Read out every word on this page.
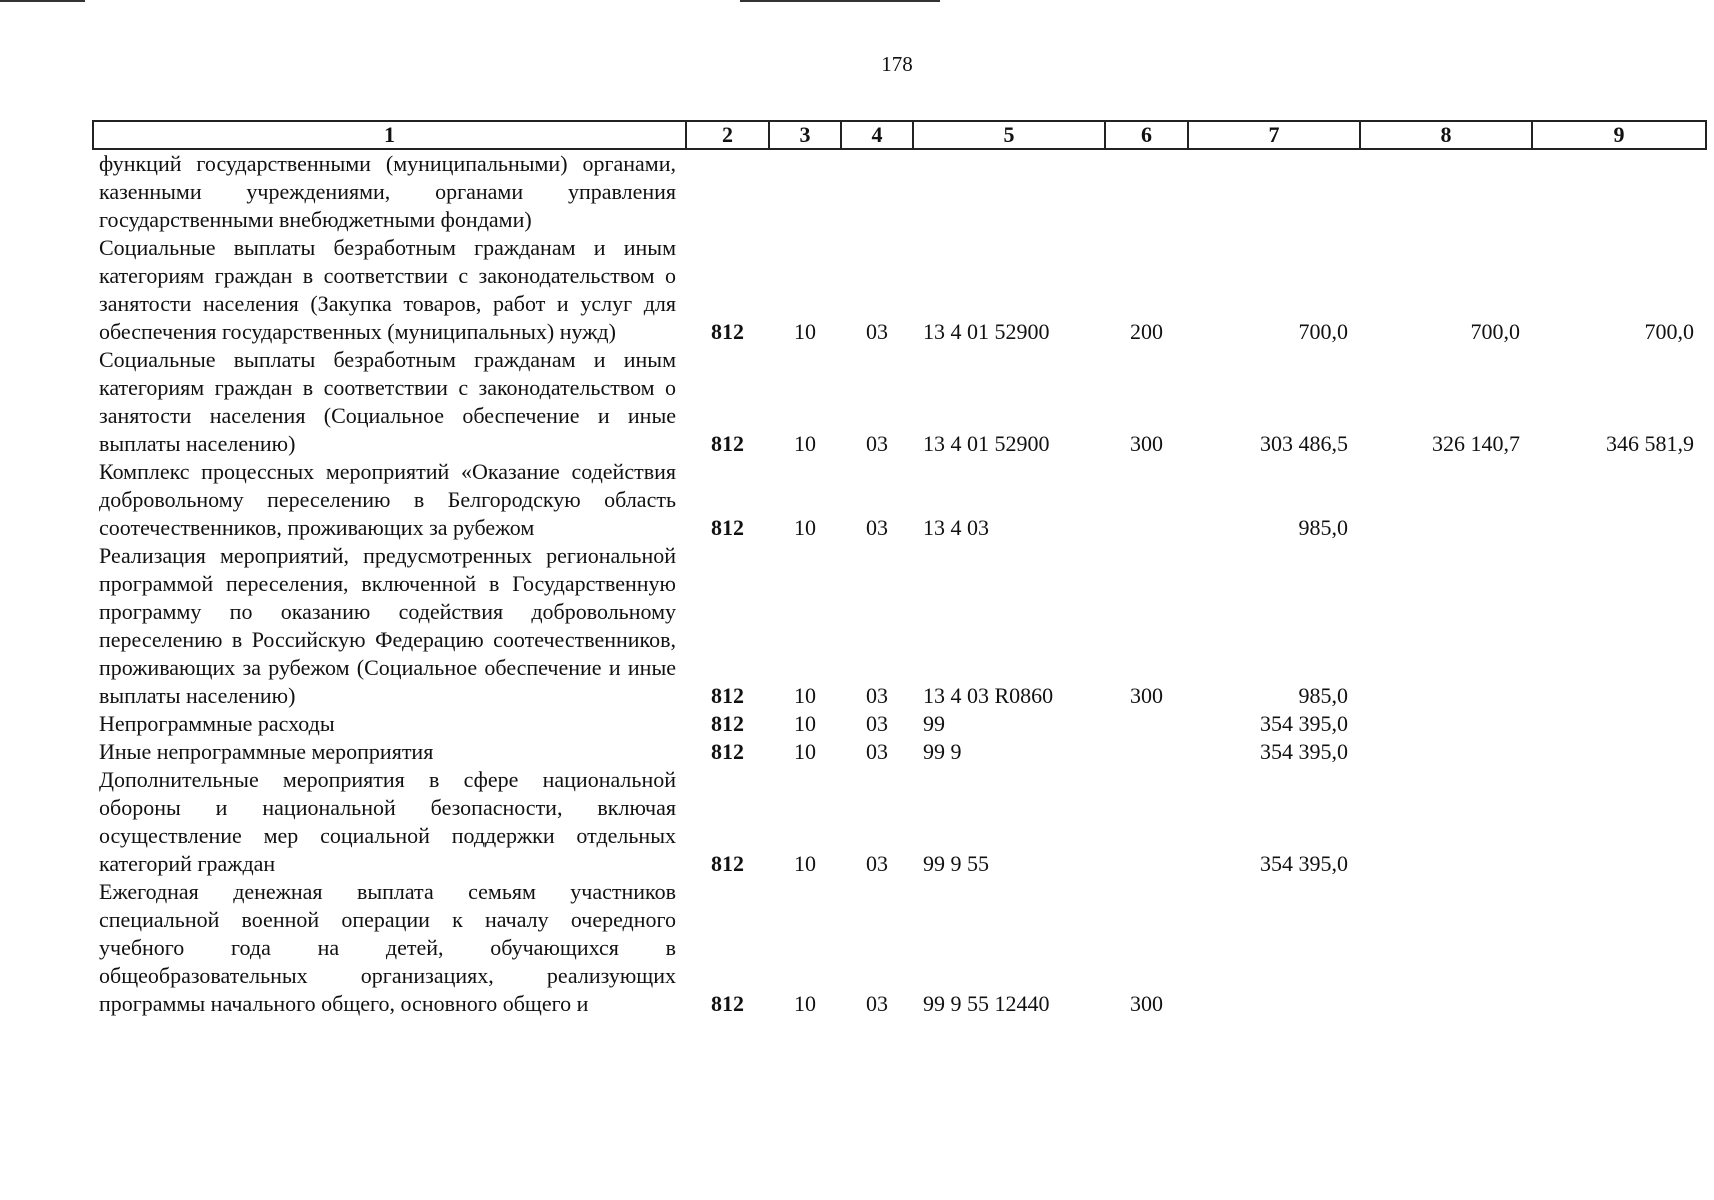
178
1	2	3	4	5	6	7	8	9
функций государственными (муниципальными) органами, казенными учреждениями, органами управления государственными внебюджетными фондами)								
Социальные выплаты безработным гражданам и иным категориям граждан в соответствии с законодательством о занятости населения (Закупка товаров, работ и услуг для обеспечения государственных (муниципальных) нужд)	812	10	03	13 4 01 52900	200	700,0	700,0	700,0
Социальные выплаты безработным гражданам и иным категориям граждан в соответствии с законодательством о занятости населения (Социальное обеспечение и иные выплаты населению)	812	10	03	13 4 01 52900	300	303 486,5	326 140,7	346 581,9
Комплекс процессных мероприятий «Оказание содействия добровольному переселению в Белгородскую область соотечественников, проживающих за рубежом	812	10	03	13 4 03		985,0		
Реализация мероприятий, предусмотренных региональной программой переселения, включенной в Государственную программу по оказанию содействия добровольному переселению в Российскую Федерацию соотечественников, проживающих за рубежом (Социальное обеспечение и иные выплаты населению)	812	10	03	13 4 03 R0860	300	985,0		
Непрограммные расходы	812	10	03	99		354 395,0		
Иные непрограммные мероприятия	812	10	03	99 9		354 395,0		
Дополнительные мероприятия в сфере национальной обороны и национальной безопасности, включая осуществление мер социальной поддержки отдельных категорий граждан	812	10	03	99 9 55		354 395,0		
Ежегодная денежная выплата семьям участников специальной военной операции к началу очередного учебного года на детей, обучающихся в общеобразовательных организациях, реализующих программы начального общего, основного общего и	812	10	03	99 9 55 12440	300			
